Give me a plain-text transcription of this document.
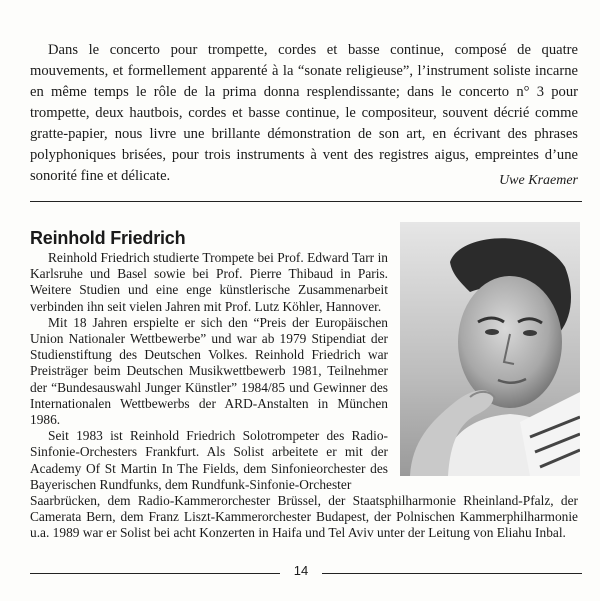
Dans le concerto pour trompette, cordes et basse continue, composé de quatre mouvements, et formellement apparenté à la “sonate religieuse”, l’instrument soliste incarne en même temps le rôle de la prima donna resplendissante; dans le concerto n° 3 pour trompette, deux hautbois, cordes et basse continue, le compositeur, souvent décrié comme gratte-papier, nous livre une brillante démonstration de son art, en écrivant des phrases polyphoniques brisées, pour trois instruments à vent des registres aigus, empreintes d’une sonorité fine et délicate.	Uwe Kraemer
Reinhold Friedrich

Reinhold Friedrich studierte Trompete bei Prof. Edward Tarr in Karlsruhe und Basel sowie bei Prof. Pierre Thibaud in Paris. Weitere Studien und eine enge künstlerische Zusammenarbeit verbinden ihn seit vielen Jahren mit Prof. Lutz Köhler, Hannover.

Mit 18 Jahren erspielte er sich den “Preis der Europäischen Union Nationaler Wettbewerbe” und war ab 1979 Stipendiat der Studienstiftung des Deutschen Volkes. Reinhold Friedrich war Preisträger beim Deutschen Musikwettbewerb 1981, Teilnehmer der “Bundesauswahl Junger Künstler” 1984/85 und Gewinner des Internationalen Wettbewerbs der ARD-Anstalten in München 1986.

Seit 1983 ist Reinhold Friedrich Solotrompeter des Radio-Sinfonie-Orchesters Frankfurt. Als Solist arbeitete er mit der Academy Of St Martin In The Fields, dem Sinfonieorchester des Bayerischen Rundfunks, dem Rundfunk-Sinfonie-Orchester

Saarbrücken, dem Radio-Kammerorchester Brüssel, der Staatsphilharmonie Rheinland-Pfalz, der Camerata Bern, dem Franz Liszt-Kammerorchester Budapest, der Polnischen Kammerphilharmonie u.a. 1989 war er Solist bei acht Konzerten in Haifa und Tel Aviv unter der Leitung von Eliahu Inbal.

14
